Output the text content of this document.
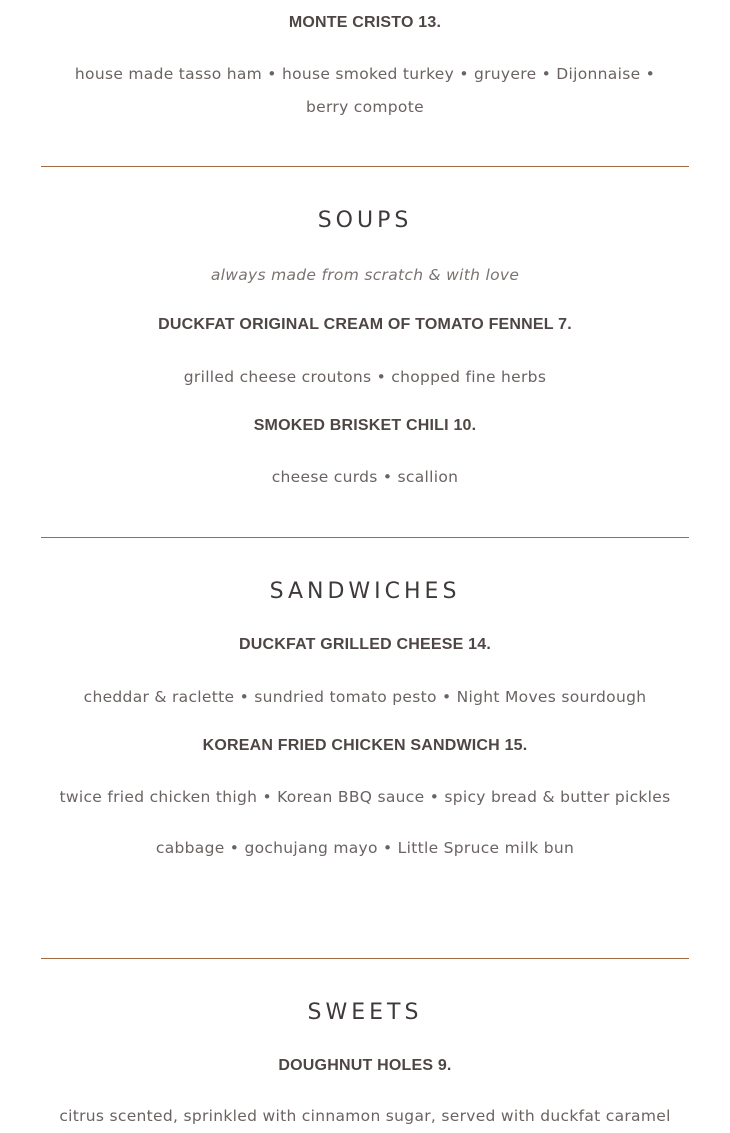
MONTE CRISTO 13.
house made tasso ham • house smoked turkey • gruyere • Dijonnaise • berry compote
SOUPS
always made from scratch & with love
DUCKFAT ORIGINAL CREAM OF TOMATO FENNEL 7.
grilled cheese croutons • chopped fine herbs
SMOKED BRISKET CHILI 10.
cheese curds • scallion
SANDWICHES
DUCKFAT GRILLED CHEESE 14.
cheddar & raclette • sundried tomato pesto • Night Moves sourdough
KOREAN FRIED CHICKEN SANDWICH 15.
twice fried chicken thigh • Korean BBQ sauce • spicy bread & butter pickles
cabbage • gochujang mayo • Little Spruce milk bun
SWEETS
DOUGHNUT HOLES 9.
citrus scented, sprinkled with cinnamon sugar, served with duckfat caramel
